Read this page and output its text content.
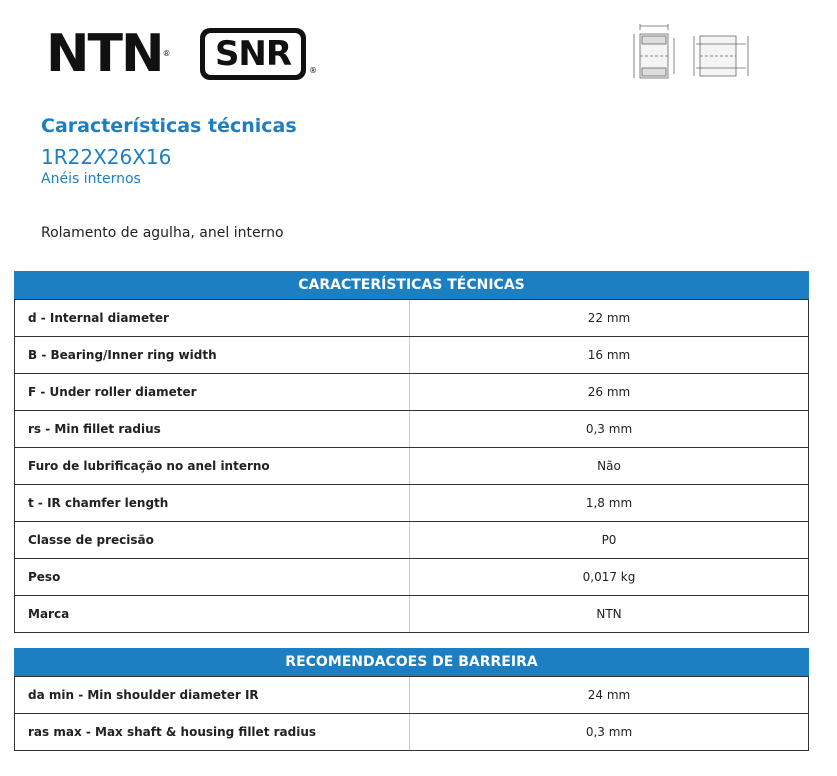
NTN® SNR	®
Características técnicas
1R22X26X16
Anéis internos
Rolamento de agulha, anel interno
CARACTERÍSTICAS TÉCNICAS
d - Internal diameter	22 mm
B - Bearing/Inner ring width	16 mm
F - Under roller diameter	26 mm
rs - Min fillet radius	0,3 mm
Furo de lubrificação no anel interno	Não
t - IR chamfer length	1,8 mm
Classe de precisão	P0
Peso	0,017 kg
Marca	NTN
RECOMENDACOES DE BARREIRA
da min - Min shoulder diameter IR	24 mm
ras max - Max shaft & housing fillet radius	0,3 mm
